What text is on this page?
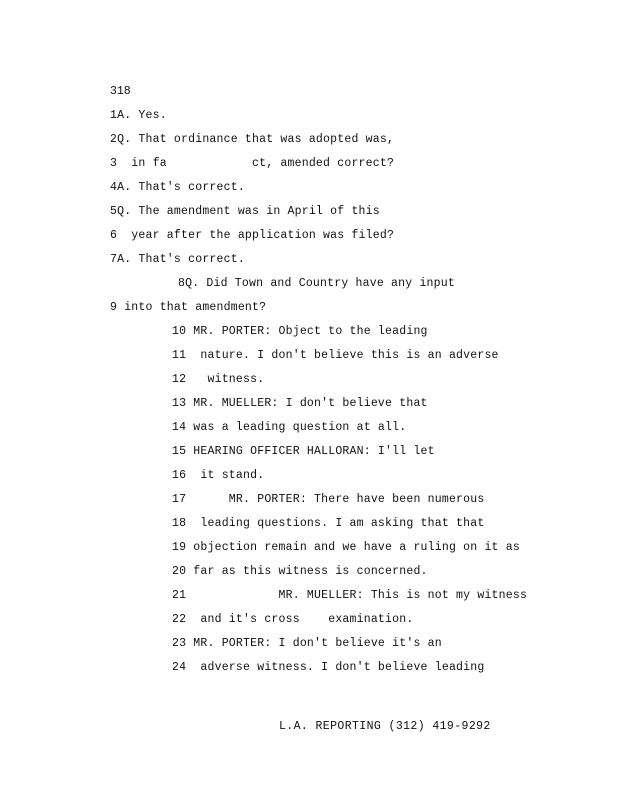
318
1A. Yes.
2Q. That ordinance that was adopted was,
3  in fa            ct, amended correct?
4A. That's correct.
5Q. The amendment was in April of this
6  year after the application was filed?
7A. That's correct.
8Q. Did Town and Country have any input
9 into that amendment?
10 MR. PORTER: Object to the leading
11  nature. I don't believe this is an adverse
12   witness.
13 MR. MUELLER: I don't believe that
14 was a leading question at all.
15 HEARING OFFICER HALLORAN: I'll let
16  it stand.
17      MR. PORTER: There have been numerous
18  leading questions. I am asking that that
19 objection remain and we have a ruling on it as
20 far as this witness is concerned.
21             MR. MUELLER: This is not my witness
22  and it's cross    examination.
23 MR. PORTER: I don't believe it's an
24  adverse witness. I don't believe leading
L.A. REPORTING (312) 419-9292
